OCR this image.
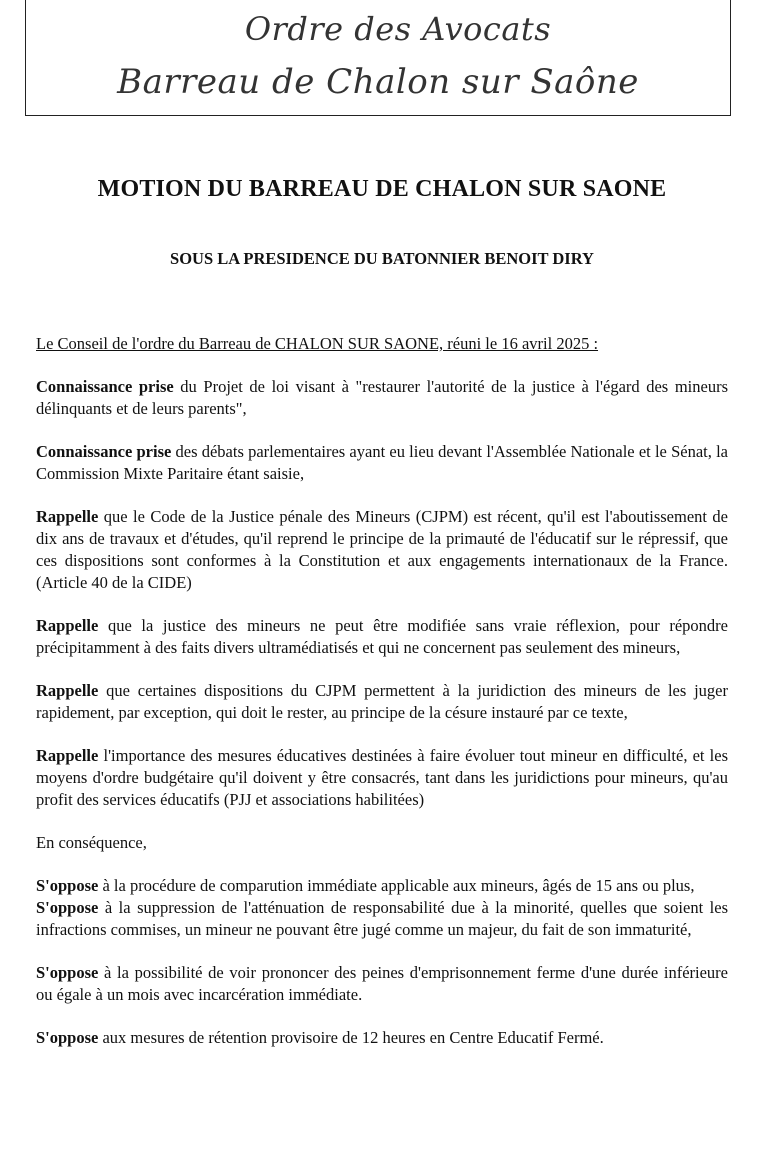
Ordre des Avocats
Barreau de Chalon sur Saône
MOTION DU BARREAU DE CHALON SUR SAONE
SOUS LA PRESIDENCE DU BATONNIER BENOIT DIRY

Le Conseil de l'ordre du Barreau de CHALON SUR SAONE, réuni le 16 avril 2025 :

Connaissance prise du Projet de loi visant à "restaurer l'autorité de la justice à l'égard des mineurs délinquants et de leurs parents",

Connaissance prise des débats parlementaires ayant eu lieu devant l'Assemblée Nationale et le Sénat, la Commission Mixte Paritaire étant saisie,

Rappelle que le Code de la Justice pénale des Mineurs (CJPM) est récent, qu'il est l'aboutissement de dix ans de travaux et d'études, qu'il reprend le principe de la primauté de l'éducatif sur le répressif, que ces dispositions sont conformes à la Constitution et aux engagements internationaux de la France. (Article 40 de la CIDE)

Rappelle que la justice des mineurs ne peut être modifiée sans vraie réflexion, pour répondre précipitamment à des faits divers ultramédiatisés et qui ne concernent pas seulement des mineurs,

Rappelle que certaines dispositions du CJPM permettent à la juridiction des mineurs de les juger rapidement, par exception, qui doit le rester, au principe de la césure instauré par ce texte,

Rappelle l'importance des mesures éducatives destinées à faire évoluer tout mineur en difficulté, et les moyens d'ordre budgétaire qu'il doivent y être consacrés, tant dans les juridictions pour mineurs, qu'au profit des services éducatifs (PJJ et associations habilitées)

En conséquence,

S'oppose à la procédure de comparution immédiate applicable aux mineurs, âgés de 15 ans ou plus,

S'oppose à la suppression de l'atténuation de responsabilité due à la minorité, quelles que soient les infractions commises, un mineur ne pouvant être jugé comme un majeur, du fait de son immaturité,

S'oppose à la possibilité de voir prononcer des peines d'emprisonnement ferme d'une durée inférieure ou égale à un mois avec incarcération immédiate.

S'oppose aux mesures de rétention provisoire de 12 heures en Centre Educatif Fermé.
